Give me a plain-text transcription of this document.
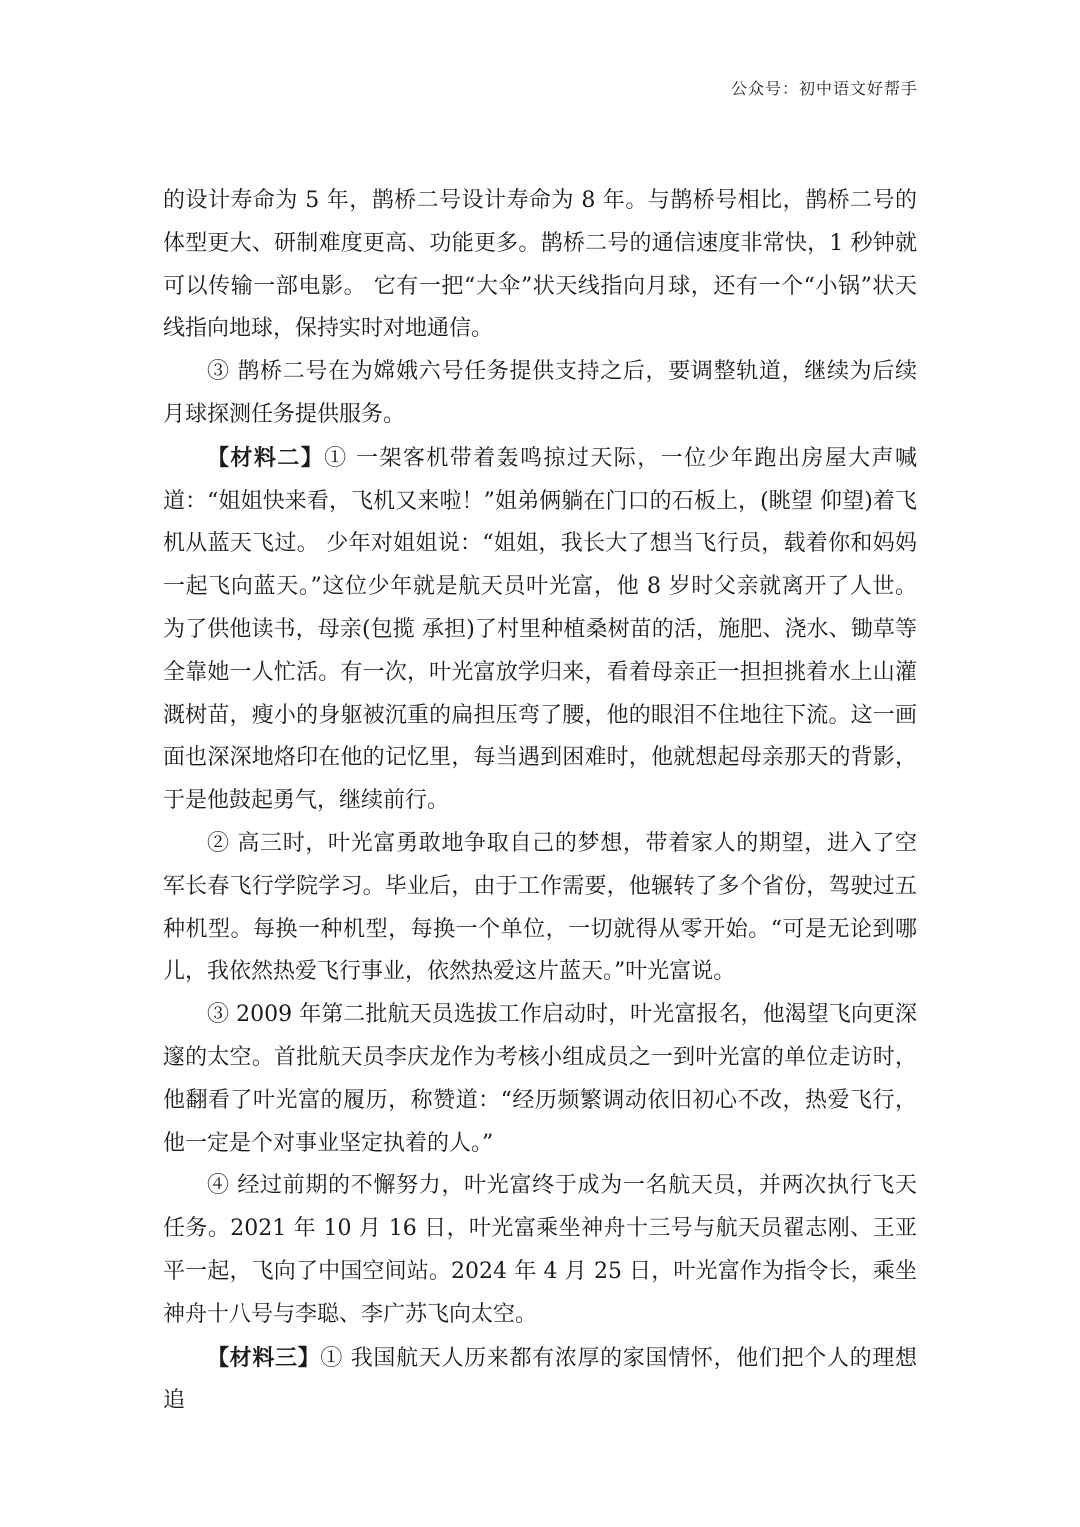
公众号：初中语文好帮手

的设计寿命为 5 年，鹊桥二号设计寿命为 8 年。与鹊桥号相比，鹊桥二号的体型更大、研制难度更高、功能更多。鹊桥二号的通信速度非常快，1 秒钟就可以传输一部电影。 它有一把“大伞”状天线指向月球，还有一个“小锅”状天线指向地球，保持实时对地通信。

③ 鹊桥二号在为嫦娥六号任务提供支持之后，要调整轨道，继续为后续月球探测任务提供服务。

【材料二】① 一架客机带着轰鸣掠过天际，一位少年跑出房屋大声喊道：“姐姐快来看，飞机又来啦！”姐弟俩躺在门口的石板上，(眺望 仰望)着飞机从蓝天飞过。 少年对姐姐说：“姐姐，我长大了想当飞行员，载着你和妈妈一起飞向蓝天。”这位少年就是航天员叶光富，他 8 岁时父亲就离开了人世。为了供他读书，母亲(包揽 承担)了村里种植桑树苗的活，施肥、浇水、锄草等全靠她一人忙活。有一次，叶光富放学归来，看着母亲正一担担挑着水上山灌溉树苗，瘦小的身躯被沉重的扁担压弯了腰，他的眼泪不住地往下流。这一画面也深深地烙印在他的记忆里，每当遇到困难时，他就想起母亲那天的背影，于是他鼓起勇气，继续前行。

② 高三时，叶光富勇敢地争取自己的梦想，带着家人的期望，进入了空军长春飞行学院学习。毕业后，由于工作需要，他辗转了多个省份，驾驶过五种机型。每换一种机型，每换一个单位，一切就得从零开始。“可是无论到哪儿，我依然热爱飞行事业，依然热爱这片蓝天。”叶光富说。

③ 2009 年第二批航天员选拔工作启动时，叶光富报名，他渴望飞向更深邃的太空。首批航天员李庆龙作为考核小组成员之一到叶光富的单位走访时，他翻看了叶光富的履历，称赞道：“经历频繁调动依旧初心不改，热爱飞行，他一定是个对事业坚定执着的人。”

④ 经过前期的不懈努力，叶光富终于成为一名航天员，并两次执行飞天任务。2021 年 10 月 16 日，叶光富乘坐神舟十三号与航天员翟志刚、王亚平一起，飞向了中国空间站。2024 年 4 月 25 日，叶光富作为指令长，乘坐神舟十八号与李聪、李广苏飞向太空。

【材料三】① 我国航天人历来都有浓厚的家国情怀，他们把个人的理想追
